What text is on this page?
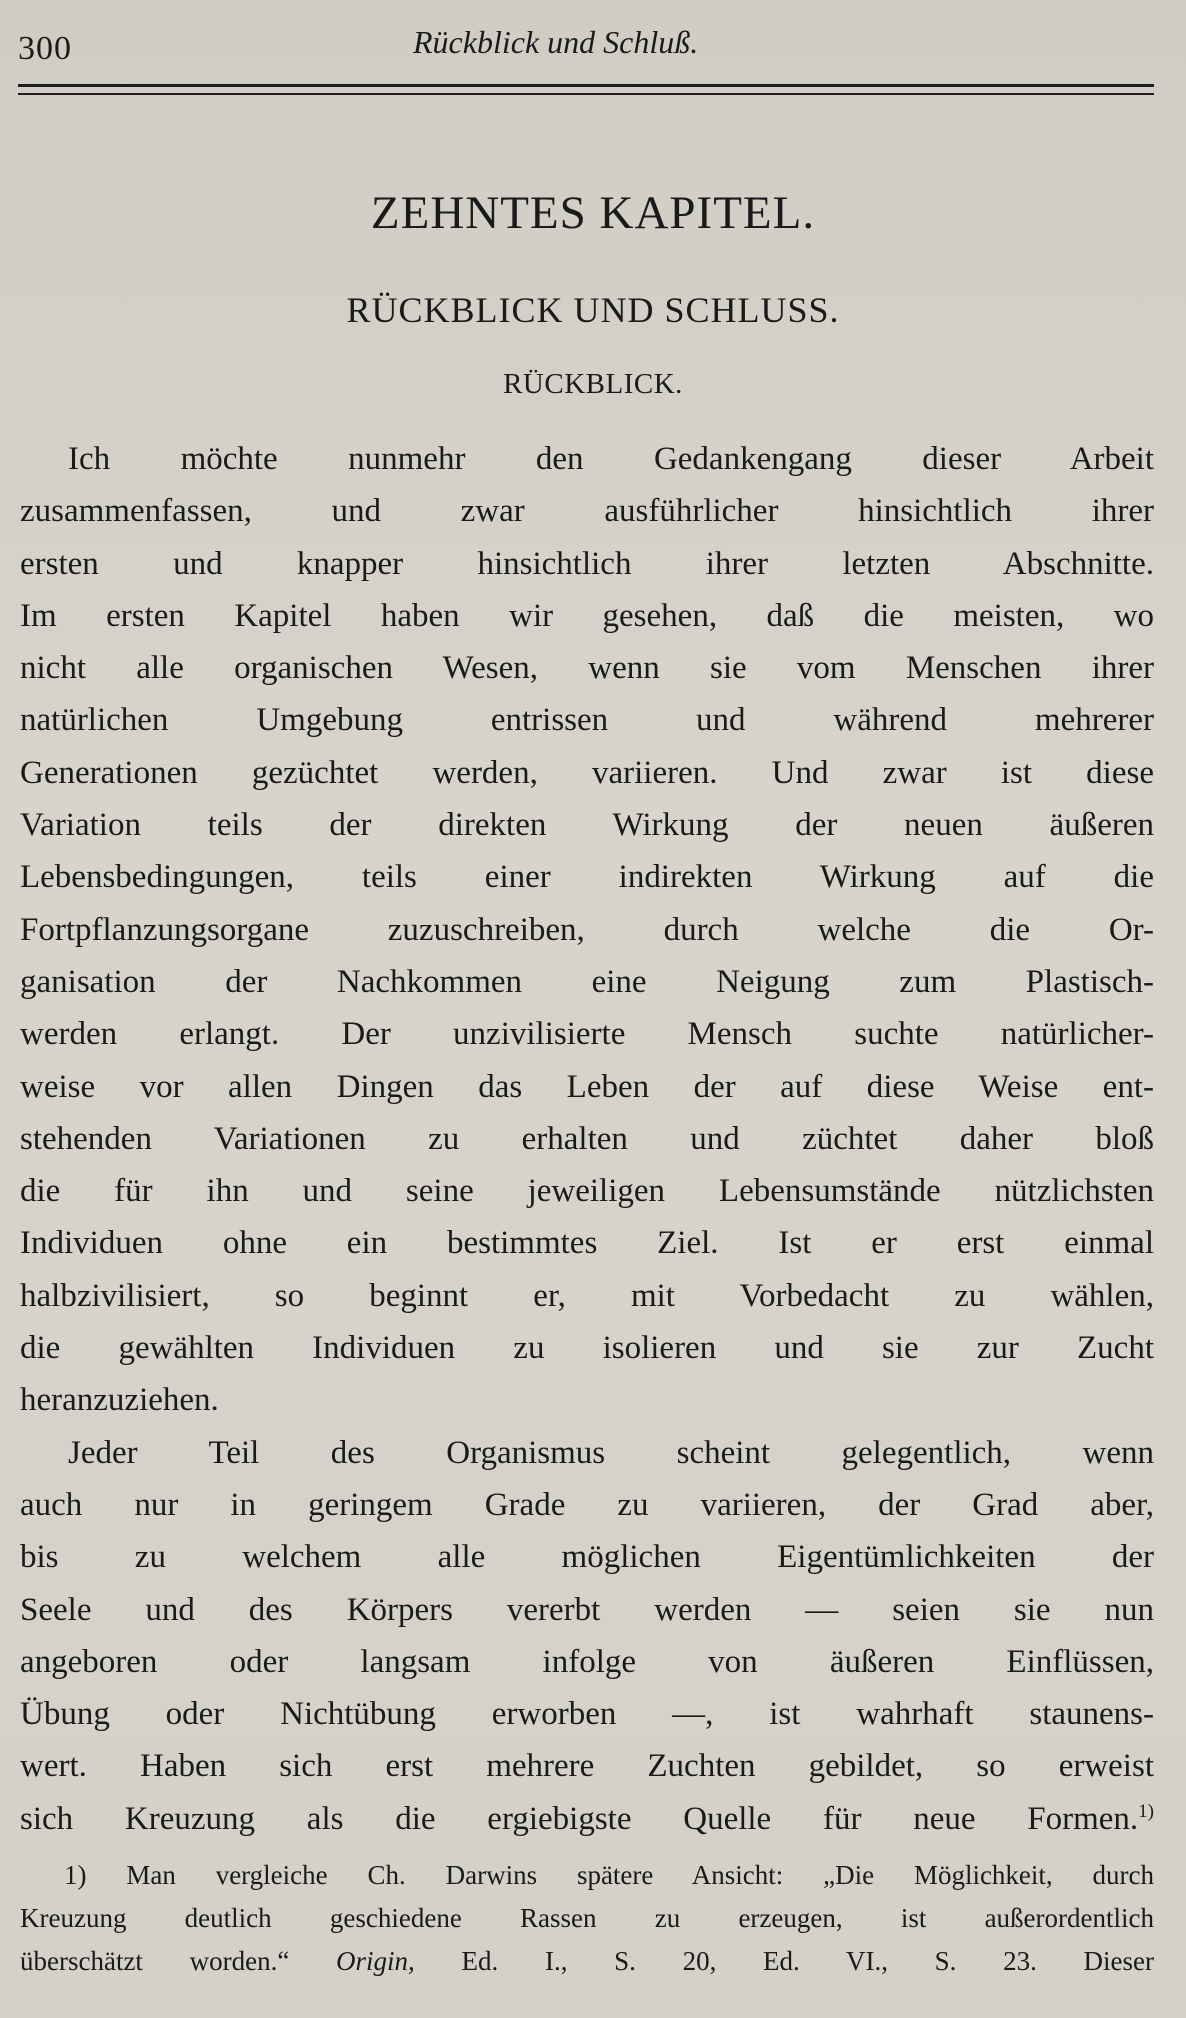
300	Rückblick und Schluß.
ZEHNTES KAPITEL.
RÜCKBLICK UND SCHLUSS.
RÜCKBLICK.
Ich möchte nunmehr den Gedankengang dieser Arbeit
zusammenfassen, und zwar ausführlicher hinsichtlich ihrer
ersten und knapper hinsichtlich ihrer letzten Abschnitte.
Im ersten Kapitel haben wir gesehen, daß die meisten, wo
nicht alle organischen Wesen, wenn sie vom Menschen ihrer
natürlichen Umgebung entrissen und während mehrerer
Generationen gezüchtet werden, variieren. Und zwar ist diese
Variation teils der direkten Wirkung der neuen äußeren
Lebensbedingungen, teils einer indirekten Wirkung auf die
Fortpflanzungsorgane zuzuschreiben, durch welche die Or-
ganisation der Nachkommen eine Neigung zum Plastisch-
werden erlangt. Der unzivilisierte Mensch suchte natürlicher-
weise vor allen Dingen das Leben der auf diese Weise ent-
stehenden Variationen zu erhalten und züchtet daher bloß
die für ihn und seine jeweiligen Lebensumstände nützlichsten
Individuen ohne ein bestimmtes Ziel. Ist er erst einmal
halbzivilisiert, so beginnt er, mit Vorbedacht zu wählen,
die gewählten Individuen zu isolieren und sie zur Zucht
heranzuziehen.
Jeder Teil des Organismus scheint gelegentlich, wenn
auch nur in geringem Grade zu variieren, der Grad aber,
bis zu welchem alle möglichen Eigentümlichkeiten der
Seele und des Körpers vererbt werden — seien sie nun
angeboren oder langsam infolge von äußeren Einflüssen,
Übung oder Nichtübung erworben —, ist wahrhaft staunens-
wert. Haben sich erst mehrere Zuchten gebildet, so erweist
sich Kreuzung als die ergiebigste Quelle für neue Formen.$^{1)}$
1) Man vergleiche Ch. Darwins spätere Ansicht: „Die Möglichkeit, durch
Kreuzung deutlich geschiedene Rassen zu erzeugen, ist außerordentlich
überschätzt worden.“ Origin, Ed. I., S. 20, Ed. VI., S. 23. Dieser
